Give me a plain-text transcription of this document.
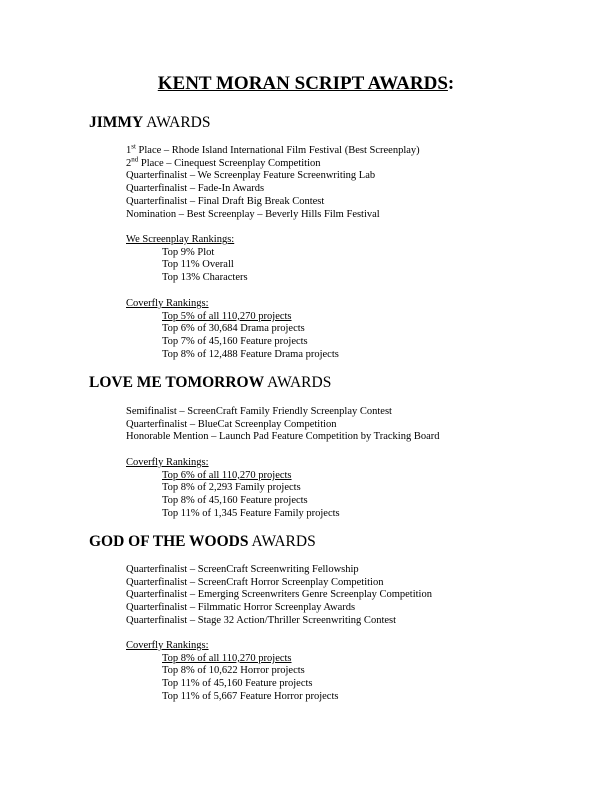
KENT MORAN SCRIPT AWARDS:
JIMMY AWARDS
1st Place – Rhode Island International Film Festival (Best Screenplay)
2nd Place – Cinequest Screenplay Competition
Quarterfinalist – We Screenplay Feature Screenwriting Lab
Quarterfinalist – Fade-In Awards
Quarterfinalist – Final Draft Big Break Contest
Nomination – Best Screenplay – Beverly Hills Film Festival
We Screenplay Rankings:
Top 9% Plot
Top 11% Overall
Top 13% Characters
Coverfly Rankings:
Top 5% of all 110,270 projects
Top 6% of 30,684 Drama projects
Top 7% of 45,160 Feature projects
Top 8% of 12,488 Feature Drama projects
LOVE ME TOMORROW AWARDS
Semifinalist – ScreenCraft Family Friendly Screenplay Contest
Quarterfinalist – BlueCat Screenplay Competition
Honorable Mention – Launch Pad Feature Competition by Tracking Board
Coverfly Rankings:
Top 6% of all 110,270 projects
Top 8% of 2,293 Family projects
Top 8% of 45,160 Feature projects
Top 11% of 1,345 Feature Family projects
GOD OF THE WOODS AWARDS
Quarterfinalist – ScreenCraft Screenwriting Fellowship
Quarterfinalist – ScreenCraft Horror Screenplay Competition
Quarterfinalist – Emerging Screenwriters Genre Screenplay Competition
Quarterfinalist – Filmmatic Horror Screenplay Awards
Quarterfinalist – Stage 32 Action/Thriller Screenwriting Contest
Coverfly Rankings:
Top 8% of all 110,270 projects
Top 8% of 10,622 Horror projects
Top 11% of 45,160 Feature projects
Top 11% of 5,667 Feature Horror projects
